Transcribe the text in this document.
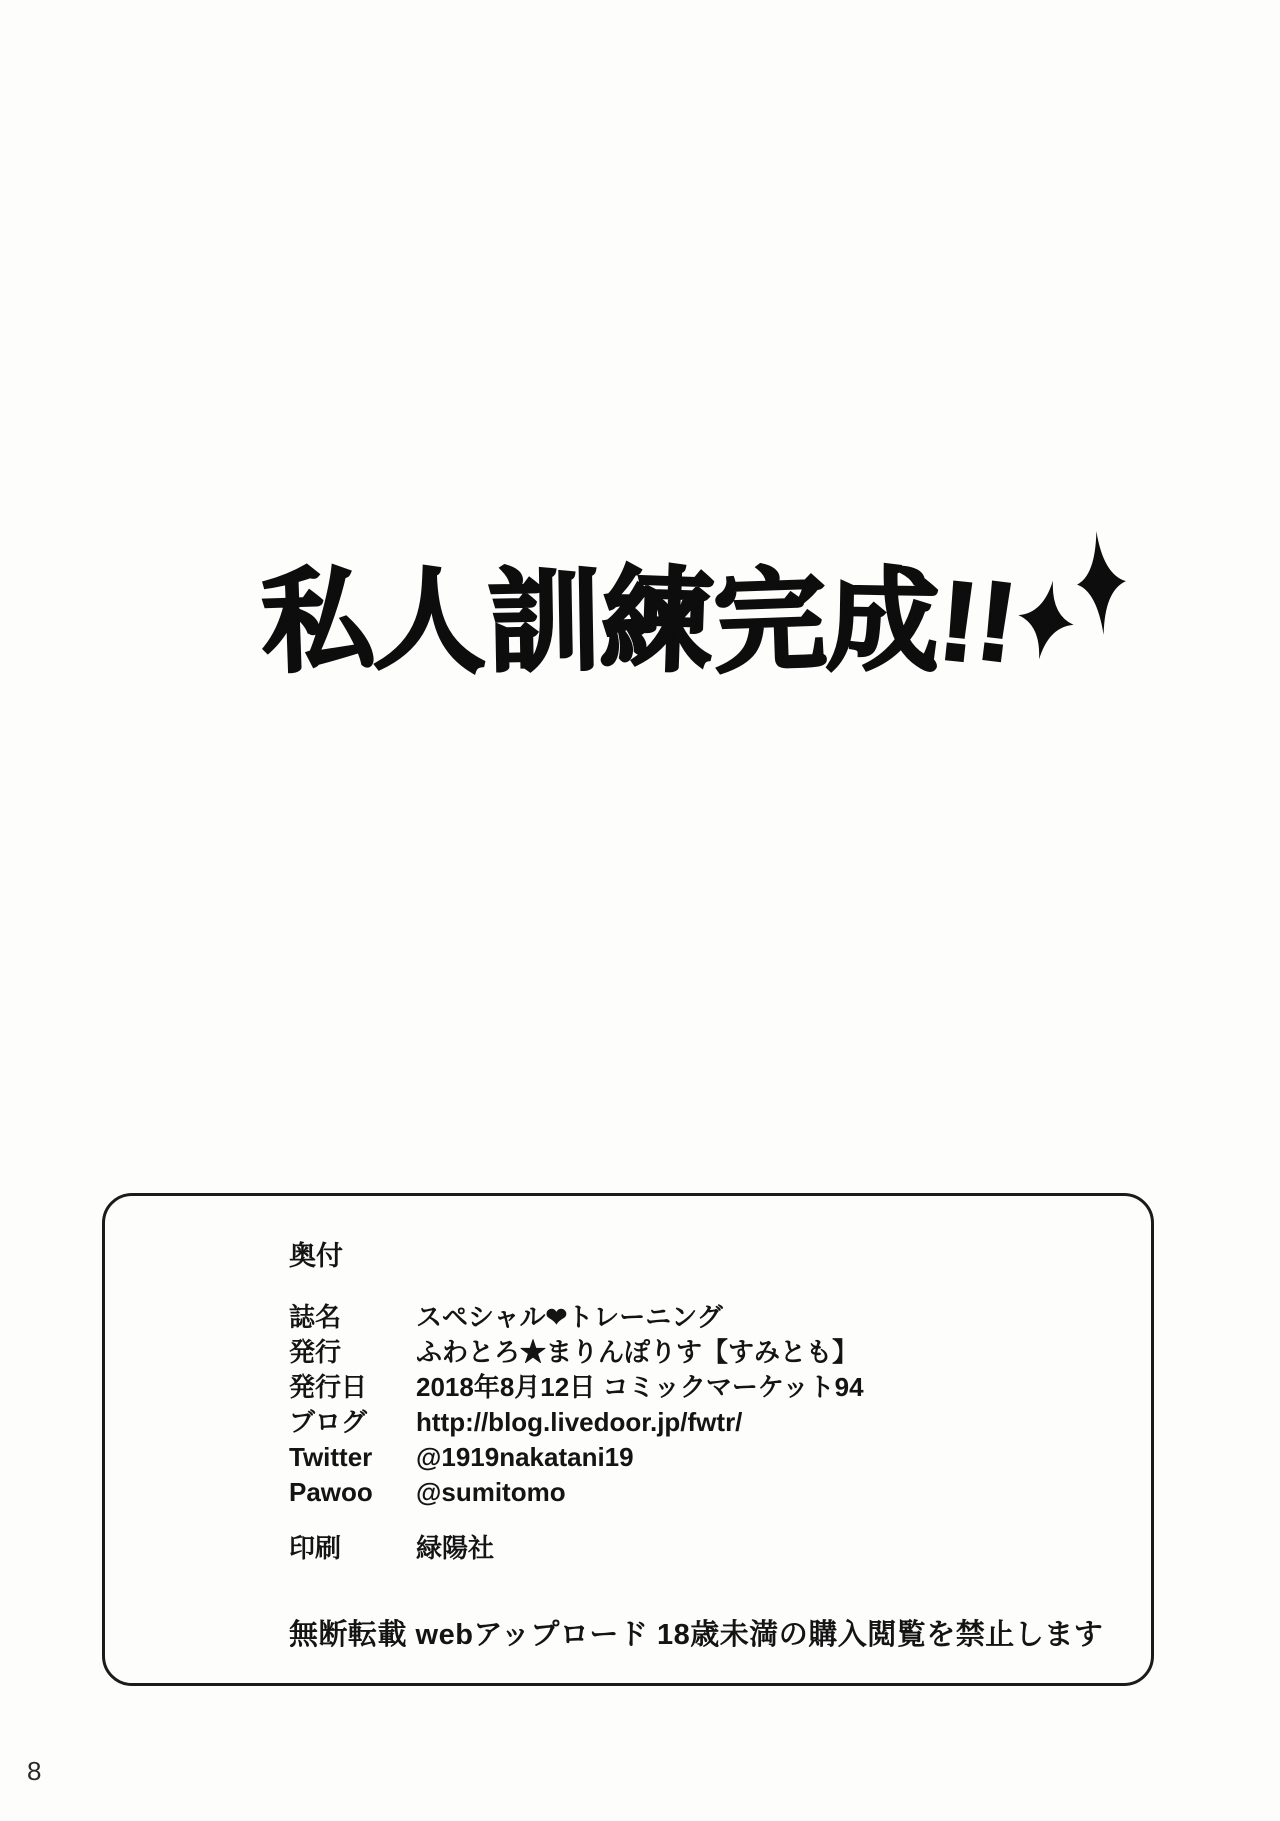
私人訓練完成!!
奥付
誌名	スペシャル❤トレーニング
発行	ふわとろ★まりんぽりす【すみとも】
発行日	2018年8月12日 コミックマーケット94
ブログ	http://blog.livedoor.jp/fwtr/
Twitter	@1919nakatani19
Pawoo	@sumitomo
印刷	緑陽社
無断転載 webアップロード 18歳未満の購入閲覧を禁止します
8
